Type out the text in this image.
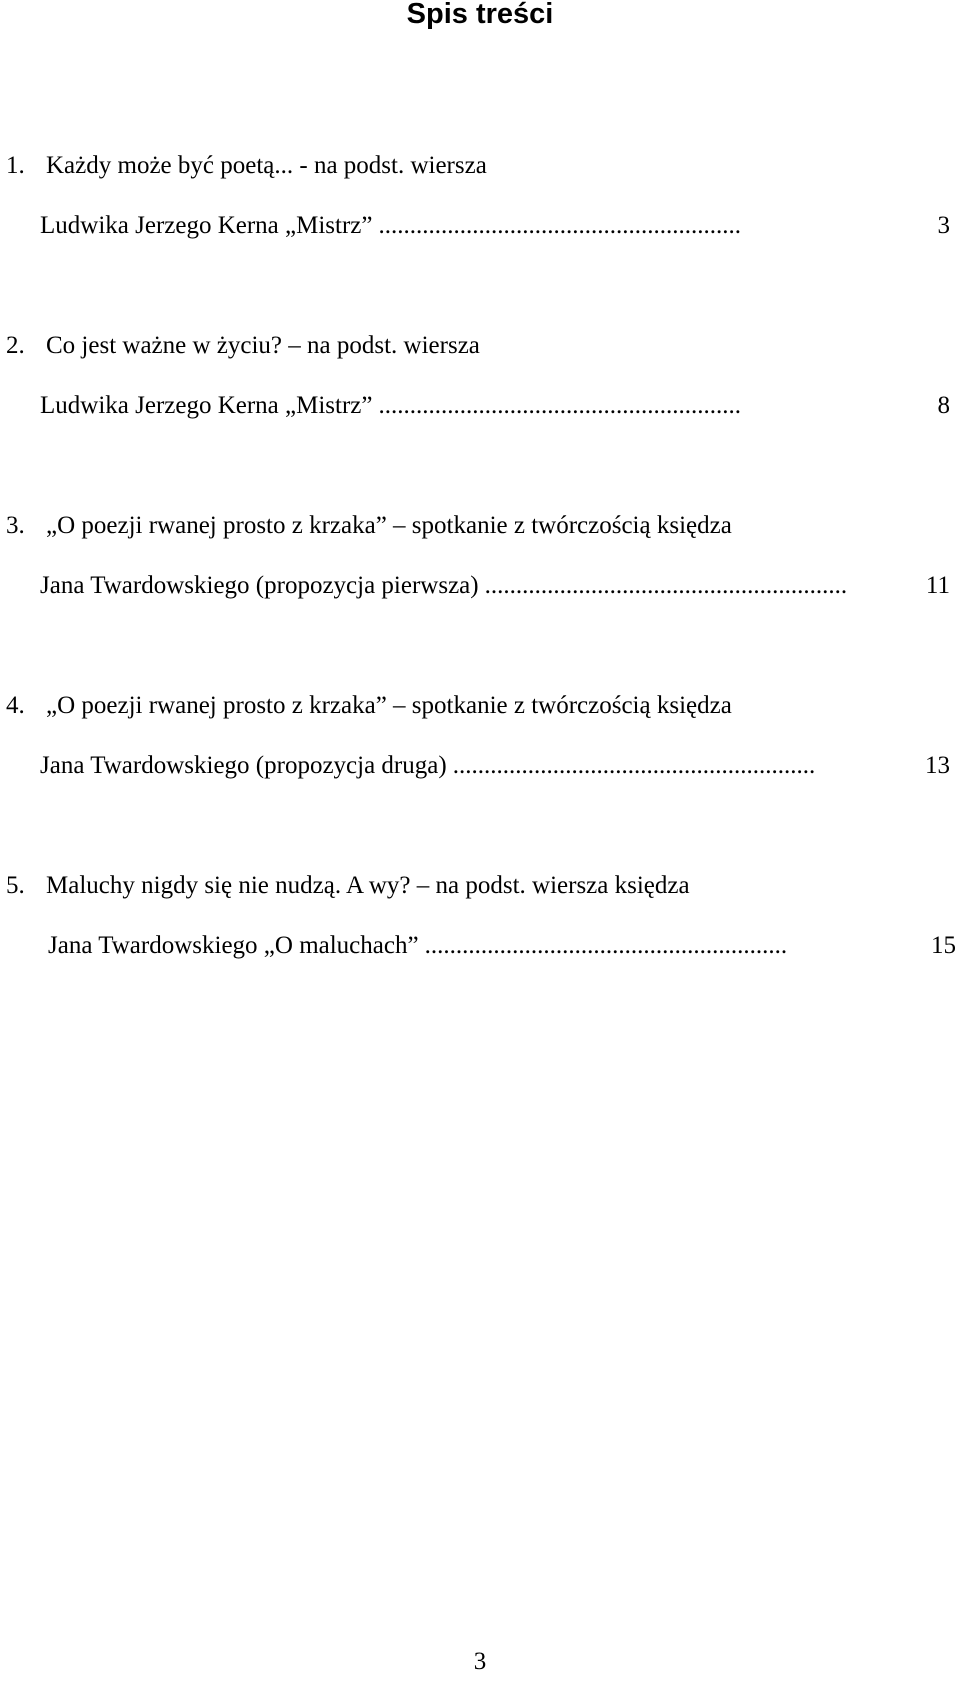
Spis treści
1. Każdy może być poetą... - na podst. wiersza
Ludwika Jerzego Kerna „Mistrz” ..........................................................	3
2. Co jest ważne w życiu? – na podst. wiersza
Ludwika Jerzego Kerna „Mistrz” ..........................................................	8
3. „O poezji rwanej prosto z krzaka” – spotkanie z twórczością księdza
Jana Twardowskiego (propozycja pierwsza) ..........................................................	11
4. „O poezji rwanej prosto z krzaka” – spotkanie z twórczością księdza
Jana Twardowskiego (propozycja druga) ..........................................................	13
5. Maluchy nigdy się nie nudzą. A wy? – na podst. wiersza księdza
Jana Twardowskiego „O maluchach” ..........................................................	15
3
